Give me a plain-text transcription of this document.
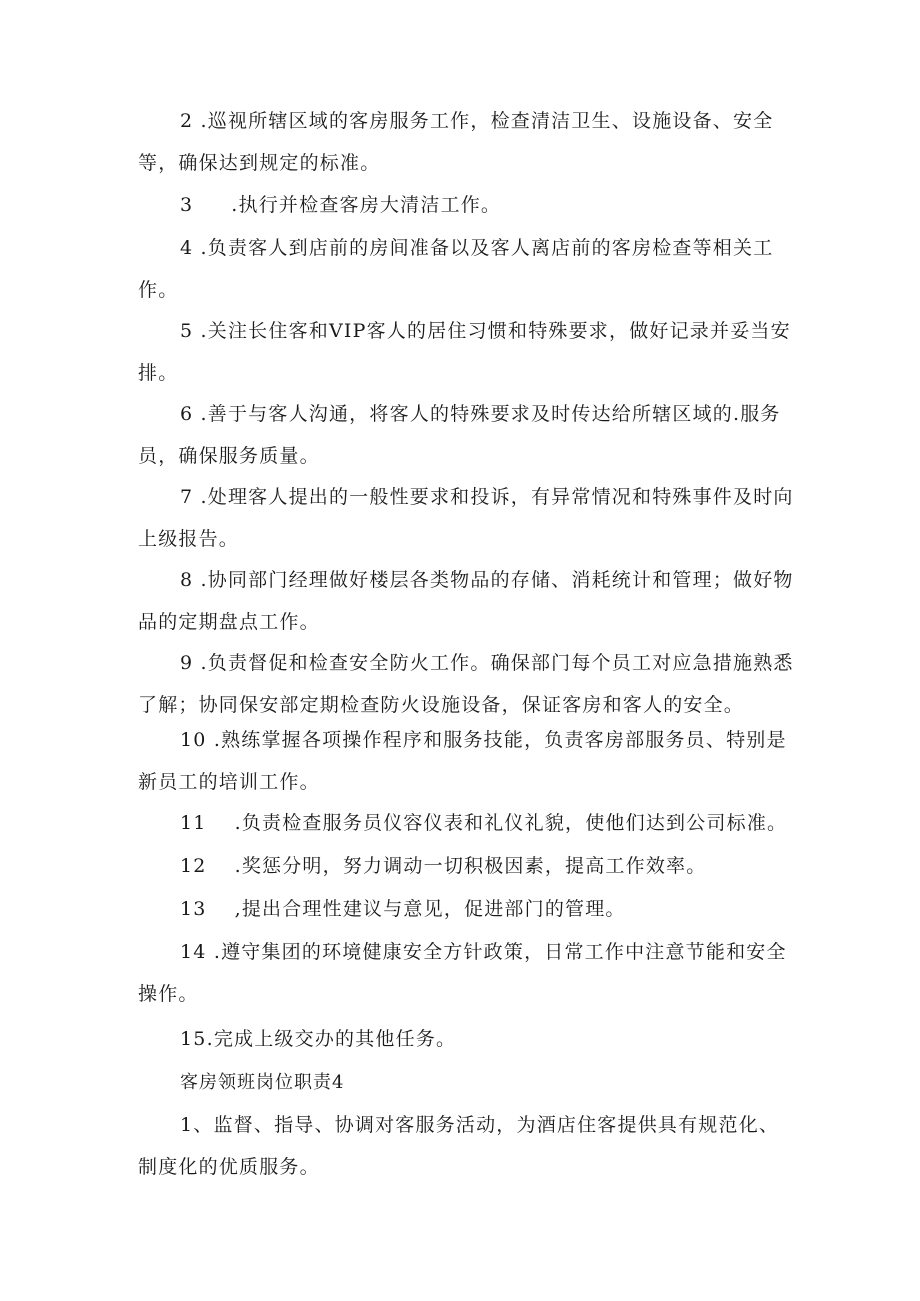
2 .巡视所辖区域的客房服务工作，检查清洁卫生、设施设备、安全等，确保达到规定的标准。

3 .执行并检查客房大清洁工作。

4 .负责客人到店前的房间准备以及客人离店前的客房检查等相关工作。

5 .关注长住客和VIP客人的居住习惯和特殊要求，做好记录并妥当安排。

6 .善于与客人沟通，将客人的特殊要求及时传达给所辖区域的.服务员，确保服务质量。

7 .处理客人提出的一般性要求和投诉，有异常情况和特殊事件及时向上级报告。

8 .协同部门经理做好楼层各类物品的存储、消耗统计和管理；做好物品的定期盘点工作。

9 .负责督促和检查安全防火工作。确保部门每个员工对应急措施熟悉了解；协同保安部定期检查防火设施设备，保证客房和客人的安全。

10 .熟练掌握各项操作程序和服务技能，负责客房部服务员、特别是新员工的培训工作。

11 .负责检查服务员仪容仪表和礼仪礼貌，使他们达到公司标准。

12 .奖惩分明，努力调动一切积极因素，提高工作效率。

13 ,提出合理性建议与意见，促进部门的管理。

14 .遵守集团的环境健康安全方针政策，日常工作中注意节能和安全操作。

15.完成上级交办的其他任务。

客房领班岗位职责4

1、监督、指导、协调对客服务活动，为酒店住客提供具有规范化、制度化的优质服务。
